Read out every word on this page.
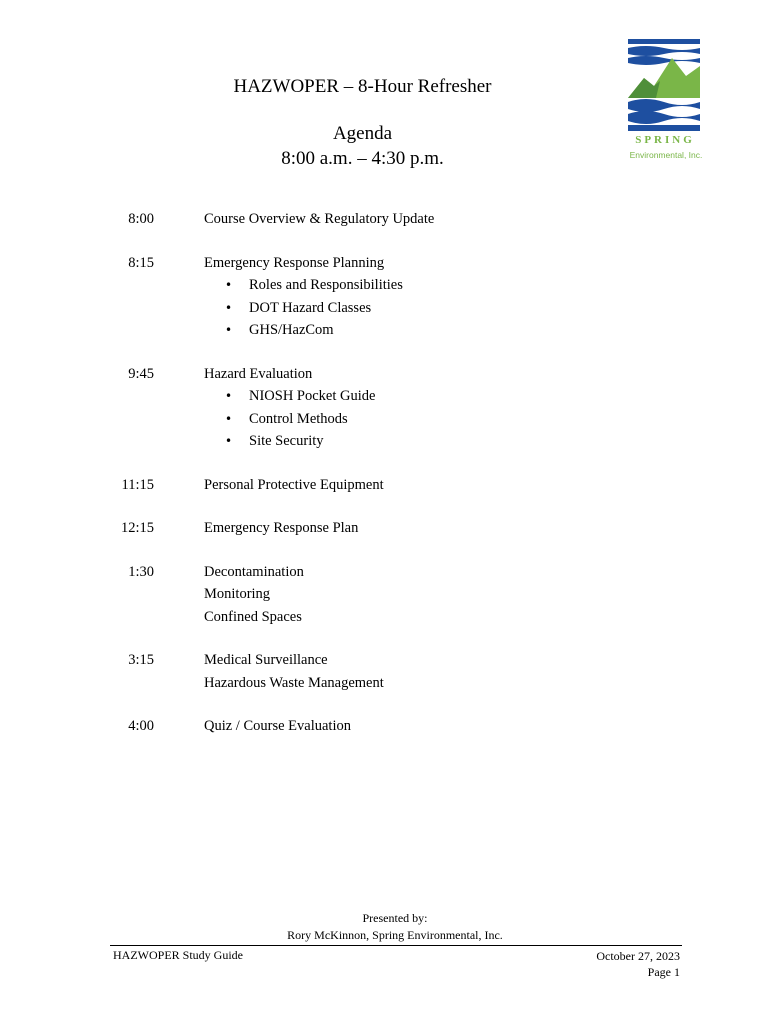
HAZWOPER – 8-Hour Refresher
Agenda
8:00 a.m. – 4:30 p.m.
SPRING
Environmental, Inc.
8:00	Course Overview & Regulatory Update
8:15	Emergency Response Planning
• Roles and Responsibilities
• DOT Hazard Classes
• GHS/HazCom
9:45	Hazard Evaluation
• NIOSH Pocket Guide
• Control Methods
• Site Security
11:15	Personal Protective Equipment
12:15	Emergency Response Plan
1:30	Decontamination
Monitoring
Confined Spaces
3:15	Medical Surveillance
Hazardous Waste Management
4:00	Quiz / Course Evaluation
Presented by:
Rory McKinnon, Spring Environmental, Inc.
HAZWOPER Study Guide	October 27, 2023
Page 1
